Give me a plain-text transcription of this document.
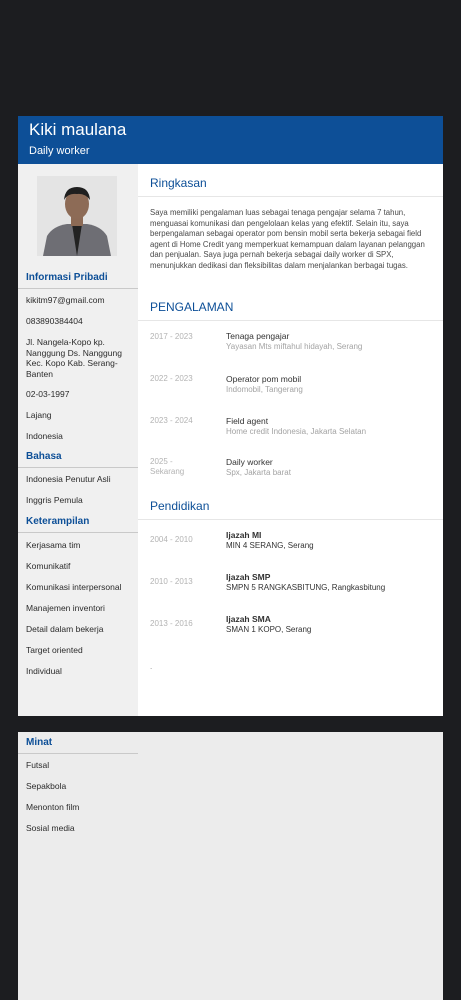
Kiki maulana
Daily worker
Informasi Pribadi
kikitm97@gmail.com
083890384404
Jl. Nangela-Kopo kp. Nanggung Ds. Nanggung Kec. Kopo Kab. Serang-Banten
02-03-1997
Lajang
Indonesia
Bahasa
Indonesia Penutur Asli
Inggris Pemula
Keterampilan
Kerjasama tim
Komunikatif
Komunikasi interpersonal
Manajemen inventori
Detail dalam bekerja
Target oriented
Individual
Ringkasan
Saya memiliki pengalaman luas sebagai tenaga pengajar selama 7 tahun, menguasai komunikasi dan pengelolaan kelas yang efektif. Selain itu, saya berpengalaman sebagai operator pom bensin mobil serta bekerja sebagai field agent di Home Credit yang memperkuat kemampuan dalam layanan pelanggan dan penjualan. Saya juga pernah bekerja sebagai daily worker di SPX, menunjukkan dedikasi dan fleksibilitas dalam menjalankan berbagai tugas.
PENGALAMAN
2017 - 2023	Tenaga pengajar
Yayasan Mts miftahul hidayah, Serang
2022 - 2023	Operator pom mobil
Indomobil, Tangerang
2023 - 2024	Field agent
Home credit Indonesia, Jakarta Selatan
2025 - Sekarang
Daily worker
Spx, Jakarta barat
Pendidikan
2004 - 2010	Ijazah MI
MIN 4 SERANG, Serang
2010 - 2013	Ijazah SMP
SMPN 5 RANGKASBITUNG, Rangkasbitung
2013 - 2016	Ijazah SMA
SMAN 1 KOPO, Serang
.
Minat
Futsal
Sepakbola
Menonton film
Sosial media
